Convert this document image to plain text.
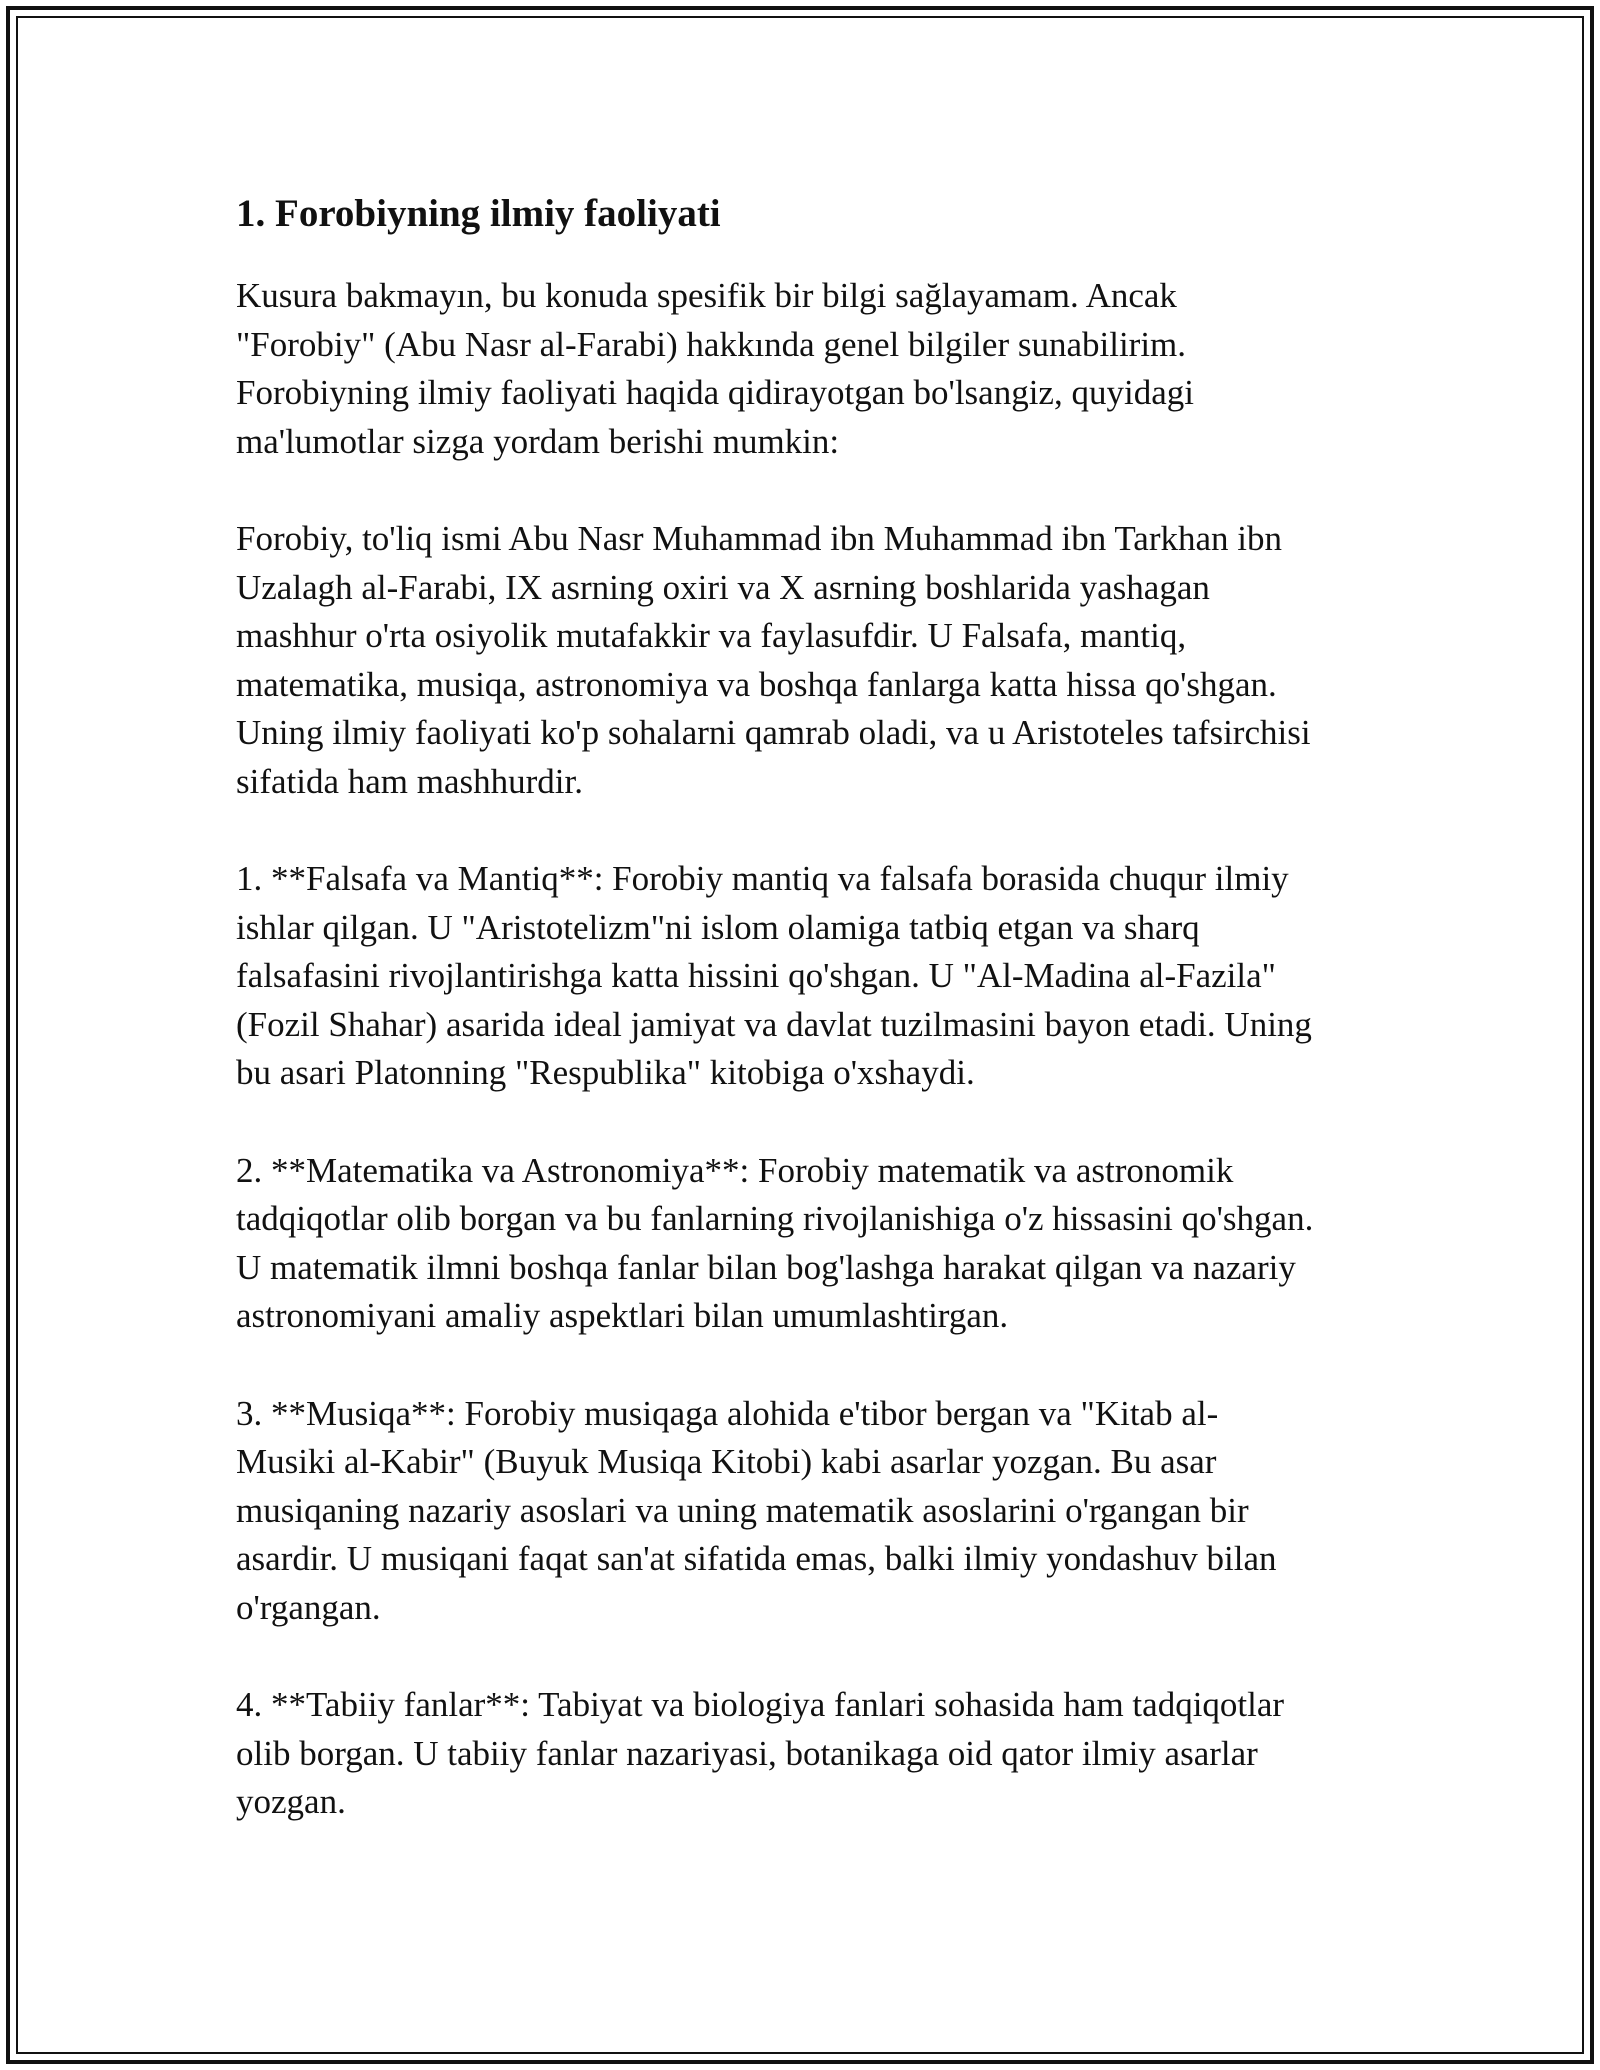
1. Forobiyning ilmiy faoliyati

Kusura bakmayın, bu konuda spesifik bir bilgi sağlayamam. Ancak
"Forobiy" (Abu Nasr al-Farabi) hakkında genel bilgiler sunabilirim.
Forobiyning ilmiy faoliyati haqida qidirayotgan bo'lsangiz, quyidagi
ma'lumotlar sizga yordam berishi mumkin:

Forobiy, to'liq ismi Abu Nasr Muhammad ibn Muhammad ibn Tarkhan ibn
Uzalagh al-Farabi, IX asrning oxiri va X asrning boshlarida yashagan
mashhur o'rta osiyolik mutafakkir va faylasufdir. U Falsafa, mantiq,
matematika, musiqa, astronomiya va boshqa fanlarga katta hissa qo'shgan.
Uning ilmiy faoliyati ko'p sohalarni qamrab oladi, va u Aristoteles tafsirchisi
sifatida ham mashhurdir.

1. **Falsafa va Mantiq**: Forobiy mantiq va falsafa borasida chuqur ilmiy
ishlar qilgan. U "Aristotelizm"ni islom olamiga tatbiq etgan va sharq
falsafasini rivojlantirishga katta hissini qo'shgan. U "Al-Madina al-Fazila"
(Fozil Shahar) asarida ideal jamiyat va davlat tuzilmasini bayon etadi. Uning
bu asari Platonning "Respublika" kitobiga o'xshaydi.

2. **Matematika va Astronomiya**: Forobiy matematik va astronomik
tadqiqotlar olib borgan va bu fanlarning rivojlanishiga o'z hissasini qo'shgan.
U matematik ilmni boshqa fanlar bilan bog'lashga harakat qilgan va nazariy
astronomiyani amaliy aspektlari bilan umumlashtirgan.

3. **Musiqa**: Forobiy musiqaga alohida e'tibor bergan va "Kitab al-
Musiki al-Kabir" (Buyuk Musiqa Kitobi) kabi asarlar yozgan. Bu asar
musiqaning nazariy asoslari va uning matematik asoslarini o'rgangan bir
asardir. U musiqani faqat san'at sifatida emas, balki ilmiy yondashuv bilan
o'rgangan.

4. **Tabiiy fanlar**: Tabiyat va biologiya fanlari sohasida ham tadqiqotlar
olib borgan. U tabiiy fanlar nazariyasi, botanikaga oid qator ilmiy asarlar
yozgan.
